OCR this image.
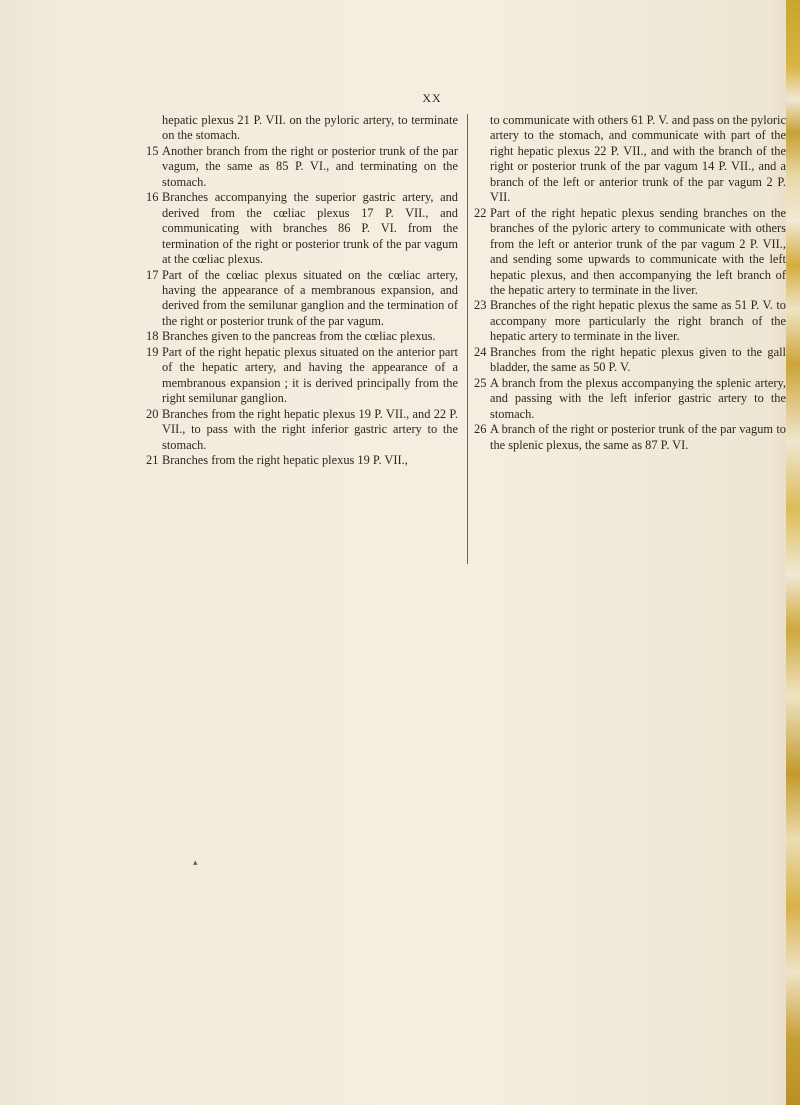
XX

hepatic plexus 21 P. VII. on the pyloric artery, to terminate on the stomach.

15 Another branch from the right or posterior trunk of the par vagum, the same as 85 P. VI., and terminating on the stomach.

16 Branches accompanying the superior gastric artery, and derived from the cœliac plexus 17 P. VII., and communicating with branches 86 P. VI. from the termination of the right or posterior trunk of the par vagum at the cœliac plexus.

17 Part of the cœliac plexus situated on the cœliac artery, having the appearance of a membranous expansion, and derived from the semilunar ganglion and the termination of the right or posterior trunk of the par vagum.

18 Branches given to the pancreas from the cœliac plexus.

19 Part of the right hepatic plexus situated on the anterior part of the hepatic artery, and having the appearance of a membranous expansion ; it is derived principally from the right semilunar ganglion.

20 Branches from the right hepatic plexus 19 P. VII., and 22 P. VII., to pass with the right inferior gastric artery to the stomach.

21 Branches from the right hepatic plexus 19 P. VII.,

to communicate with others 61 P. V. and pass on the pyloric artery to the stomach, and communicate with part of the right hepatic plexus 22 P. VII., and with the branch of the right or posterior trunk of the par vagum 14 P. VII., and a branch of the left or anterior trunk of the par vagum 2 P. VII.

22 Part of the right hepatic plexus sending branches on the branches of the pyloric artery to communicate with others from the left or anterior trunk of the par vagum 2 P. VII., and sending some upwards to communicate with the left hepatic plexus, and then accompanying the left branch of the hepatic artery to terminate in the liver.

23 Branches of the right hepatic plexus the same as 51 P. V. to accompany more particularly the right branch of the hepatic artery to terminate in the liver.

24 Branches from the right hepatic plexus given to the gall bladder, the same as 50 P. V.

25 A branch from the plexus accompanying the splenic artery, and passing with the left inferior gastric artery to the stomach.

26 A branch of the right or posterior trunk of the par vagum to the splenic plexus, the same as 87 P. VI.

▴
